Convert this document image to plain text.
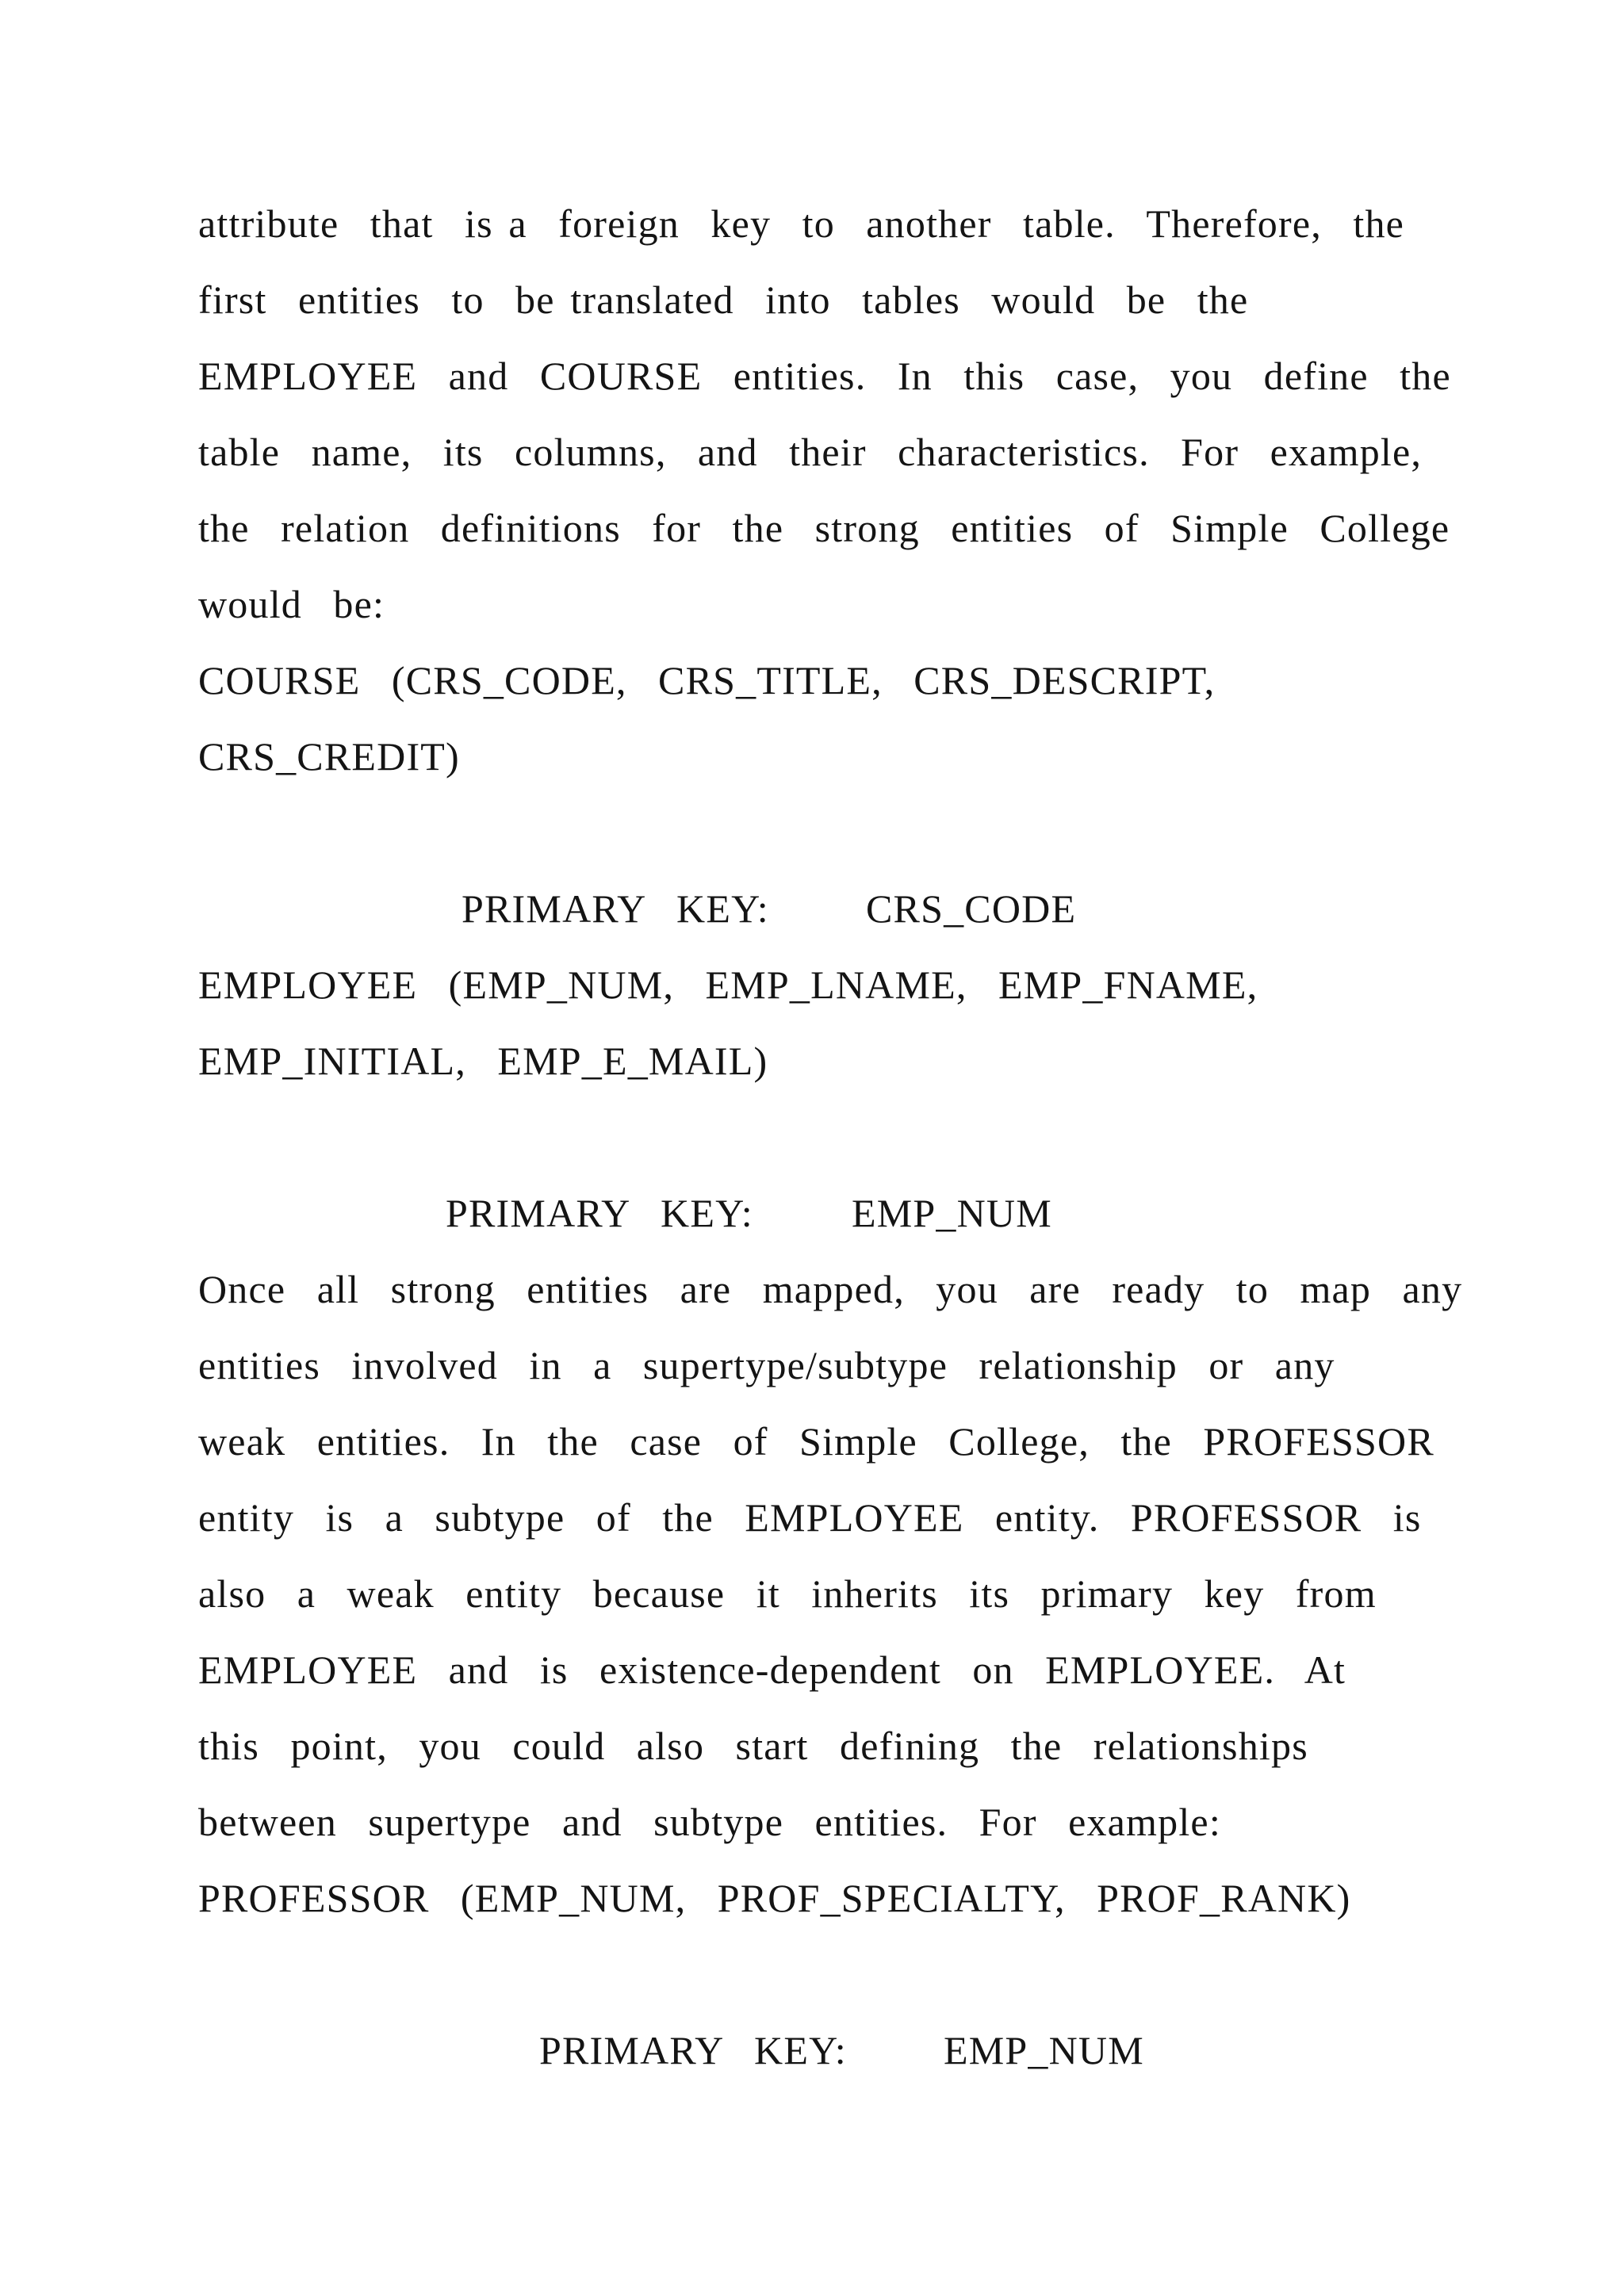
attribute  that  is a  foreign  key  to  another  table.  Therefore,  the
first  entities  to  be translated  into  tables  would  be  the
EMPLOYEE  and  COURSE  entities.  In  this  case,  you  define  the
table  name,  its  columns,  and  their  characteristics.  For  example,
the  relation  definitions  for  the  strong  entities  of  Simple  College
would  be:
COURSE  (CRS_CODE,  CRS_TITLE,  CRS_DESCRIPT,
CRS_CREDIT)
PRIMARY  KEY: CRS_CODE
EMPLOYEE  (EMP_NUM,  EMP_LNAME,  EMP_FNAME,
EMP_INITIAL,  EMP_E_MAIL)
PRIMARY  KEY: EMP_NUM
Once  all  strong  entities  are  mapped,  you  are  ready  to  map  any
entities  involved  in  a  supertype/subtype  relationship  or  any
weak  entities.  In  the  case  of  Simple  College,  the  PROFESSOR
entity  is  a  subtype  of  the  EMPLOYEE  entity.  PROFESSOR  is
also  a  weak  entity  because  it  inherits  its  primary  key  from
EMPLOYEE  and  is  existence-dependent  on  EMPLOYEE.  At
this  point,  you  could  also  start  defining  the  relationships
between  supertype  and  subtype  entities.  For  example:
PROFESSOR  (EMP_NUM,  PROF_SPECIALTY,  PROF_RANK)
PRIMARY  KEY: EMP_NUM
